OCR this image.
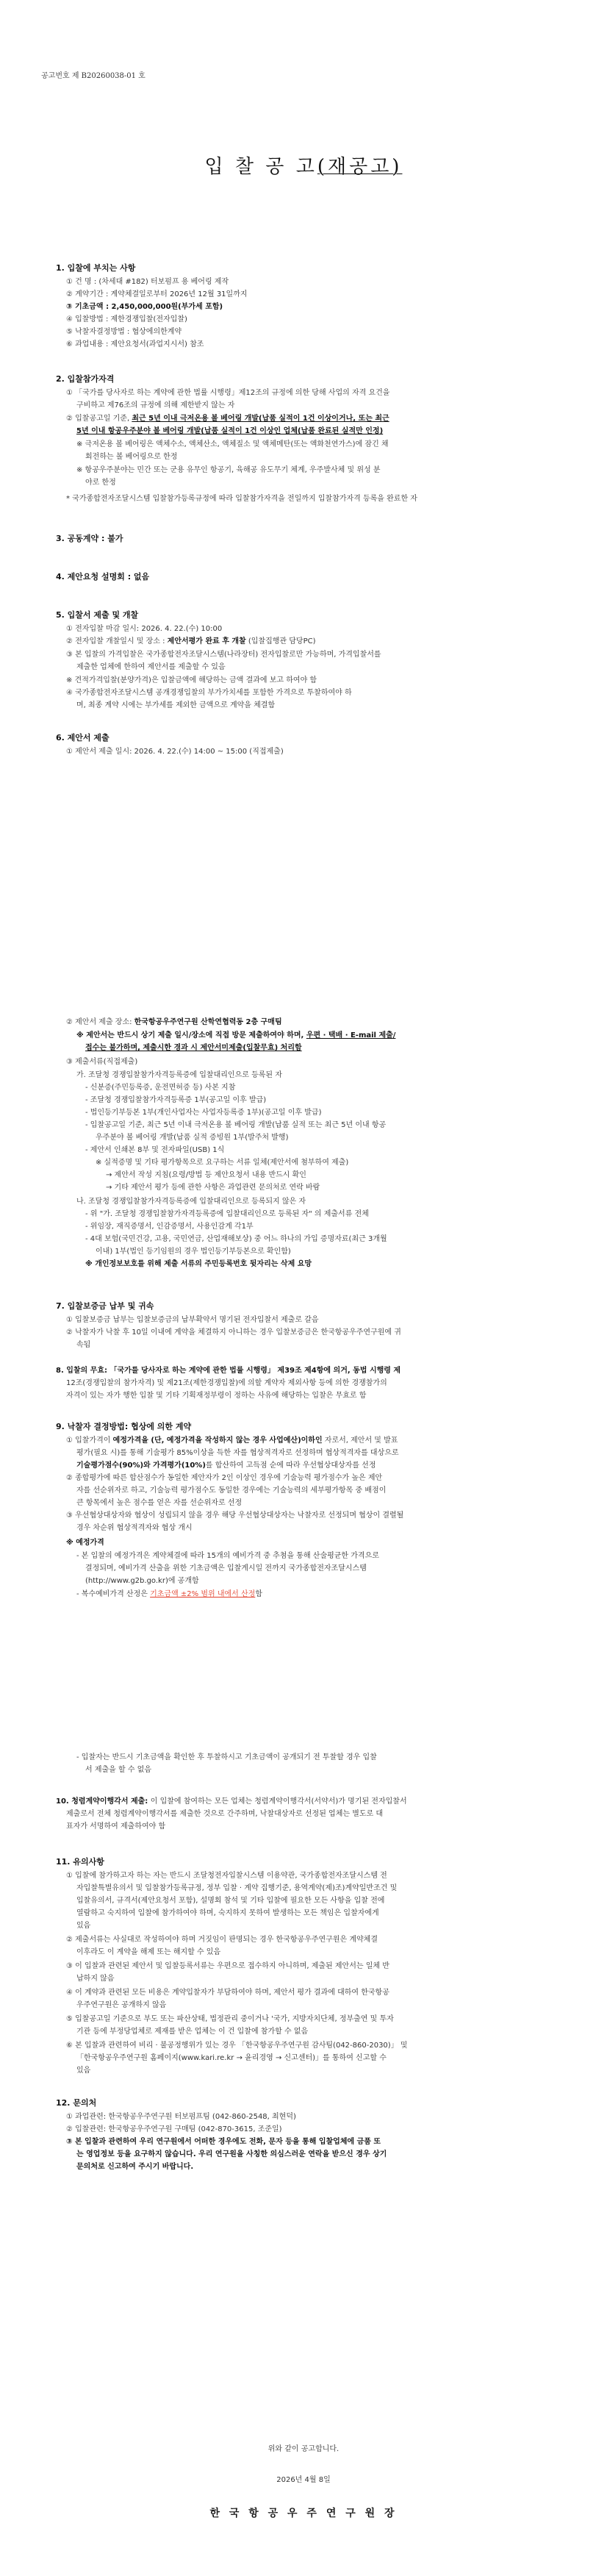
공고번호 제 B20260038-01 호
입 찰 공 고(재공고)
1. 입찰에 부치는 사항
① 건 명 : (차세대 #182) 터보펌프 용 베어링 제작
② 계약기간 : 계약체결일로부터 2026년 12월 31일까지
③ 기초금액 : 2,450,000,000원(부가세 포함)
④ 입찰방법 : 제한경쟁입찰(전자입찰)
⑤ 낙찰자결정방법 : 협상에의한계약
⑥ 과업내용 : 제안요청서(과업지시서) 참조
2. 입찰참가자격
① 「국가를 당사자로 하는 계약에 관한 법률 시행령」제12조의 규정에 의한 당해 사업의 자격 요건을
구비하고 제76조의 규정에 의해 제한받지 않는 자
② 입찰공고일 기준, 최근 5년 이내 극저온용 볼 베어링 개발(납품 실적이 1건 이상이거나, 또는 최근
5년 이내 항공우주분야 볼 베어링 개발(납품 실적이 1건 이상인 업체(납품 완료된 실적만 인정)
※ 극저온용 볼 베어링은 액체수소, 액체산소, 액체질소 및 액체메탄(또는 액화천연가스)에 잠긴 채
회전하는 볼 베어링으로 한정
※ 항공우주분야는 민간 또는 군용 유무인 항공기, 육해공 유도무기 체계, 우주발사체 및 위성 분
야로 한정
* 국가종합전자조달시스템 입찰참가등록규정에 따라 입찰참가자격을 전일까지 입찰참가자격 등록을 완료한 자
3. 공동계약 : 불가
4. 제안요청 설명회 : 없음
5. 입찰서 제출 및 개찰
① 전자입찰 마감 일시: 2026. 4. 22.(수) 10:00
② 전자입찰 개찰일시 및 장소 : 제안서평가 완료 후 개찰 (입찰집행관 담당PC)
③ 본 입찰의 가격입찰은 국가종합전자조달시스템(나라장터) 전자입찰로만 가능하며, 가격입찰서를
제출한 업체에 한하여 제안서를 제출할 수 있음
※ 견적가격입찰(분양가격)은 입찰금액에 해당하는 금액 결과에 보고 하여야 함
④ 국가종합전자조달시스템 공개경쟁입찰의 부가가치세를 포함한 가격으로 투찰하여야 하
며, 최종 계약 시에는 부가세를 제외한 금액으로 계약을 체결함
6. 제안서 제출
① 제안서 제출 일시: 2026. 4. 22.(수) 14:00 ~ 15:00 (직접제출)
② 제안서 제출 장소: 한국항공우주연구원 산학연협력동 2층 구매팀
※ 제안서는 반드시 상기 제출 일시/장소에 직접 방문 제출하여야 하며, 우편 · 택배 · E-mail 제출/
접수는 불가하며, 제출시한 경과 시 제안서미제출(입찰무효) 처리함
③ 제출서류(직접제출)
가. 조달청 경쟁입찰참가자격등록증에 입찰대리인으로 등록된 자
- 신분증(주민등록증, 운전면허증 등) 사본 지참
- 조달청 경쟁입찰참가자격등록증 1부(공고일 이후 발급)
- 법인등기부등본 1부(개인사업자는 사업자등록증 1부)(공고일 이후 발급)
- 입찰공고일 기준, 최근 5년 이내 극저온용 볼 베어링 개발(납품 실적 또는 최근 5년 이내 항공
우주분야 볼 베어링 개발(납품 실적 증빙원 1부(발주처 발행)
- 제안서 인쇄본 8부 및 전자파일(USB) 1식
※ 실적증명 및 기타 평가항목으로 요구하는 서류 일체(제안서에 첨부하여 제출)
→ 제안서 작성 지침(요령/방법 등 제안요청서 내용 반드시 확인
→ 기타 제안서 평가 등에 관한 사항은 과업관련 문의처로 연락 바람
나. 조달청 경쟁입찰참가자격등록증에 입찰대리인으로 등록되지 않은 자
- 위 "가. 조달청 경쟁입찰참가자격등록증에 입찰대리인으로 등록된 자" 의 제출서류 전체
- 위임장, 재직증명서, 인감증명서, 사용인감계 각1부
- 4대 보험(국민건강, 고용, 국민연금, 산업재해보상) 중 어느 하나의 가입 증명자료(최근 3개월
이내) 1부(법인 등기임원의 경우 법인등기부등본으로 확인함)
※ 개인정보보호를 위해 제출 서류의 주민등록번호 뒷자리는 삭제 요망
7. 입찰보증금 납부 및 귀속
① 입찰보증금 납부는 입찰보증금의 납부확약서 명기된 전자입찰서 제출로 갈음
② 낙찰자가 낙찰 후 10일 이내에 계약을 체결하지 아니하는 경우 입찰보증금은 한국항공우주연구원에 귀
속됨
8. 입찰의 무효: 「국가를 당사자로 하는 계약에 관한 법률 시행령」 제39조 제4항에 의거, 동법 시행령 제
12조(경쟁입찰의 참가자격) 및 제21조(제한경쟁입찰)에 의할 계약자 제외사항 등에 의한 경쟁참가의
자격이 있는 자가 행한 입찰 및 기타 기획재정부령이 정하는 사유에 해당하는 입찰은 무효로 함
9. 낙찰자 결정방법: 협상에 의한 계약
① 입찰가격이 예정가격을 (단, 예정가격을 작성하지 않는 경우 사업예산)이하인 자로서, 제안서 및 발표
평가(필요 시)를 통해 기술평가 85%이상을 득한 자를 협상적격자로 선정하며 협상적격자를 대상으로
기술평가점수(90%)와 가격평가(10%)를 합산하여 고득점 순에 따라 우선협상대상자를 선정
② 종합평가에 따른 합산점수가 동일한 제안자가 2인 이상인 경우에 기술능력 평가점수가 높은 제안
자를 선순위자로 하고, 기술능력 평가점수도 동일한 경우에는 기술능력의 세부평가항목 중 배점이
큰 항목에서 높은 점수를 얻은 자를 선순위자로 선정
③ 우선협상대상자와 협상이 성립되지 않을 경우 해당 우선협상대상자는 낙찰자로 선정되며 협상이 결렬될
경우 차순위 협상적격자와 협상 개시
※ 예정가격
- 본 입찰의 예정가격은 계약체결에 따라 15개의 예비가격 중 추첨을 통해 산술평균한 가격으로
결정되며, 예비가격 산출을 위한 기초금액은 입찰게시일 전까지 국가종합전자조달시스템
(http://www.g2b.go.kr)에 공개함
- 복수예비가격 산정은 기초금액 ±2% 범위 내에서 산정함
- 입찰자는 반드시 기초금액을 확인한 후 투찰하시고 기초금액이 공개되기 전 투찰할 경우 입찰
서 제출을 할 수 없음
10. 청렴계약이행각서 제출: 이 입찰에 참여하는 모든 업체는 청렴계약이행각서(서약서)가 명기된 전자입찰서
제출로서 전체 청렴계약이행각서를 제출한 것으로 간주하며, 낙찰대상자로 선정된 업체는 별도로 대
표자가 서명하여 제출하여야 함
11. 유의사항
① 입찰에 참가하고자 하는 자는 반드시 조달청전자입찰시스템 이용약관, 국가종합전자조달시스템 전
자입찰특별유의서 및 입찰참가등록규정, 정부 입찰 · 계약 집행기준, 용역계약(제)조)계약일반조건 및
입찰유의서, 규격서(제안요청서 포함), 설명회 참석 및 기타 입찰에 필요한 모든 사항을 입찰 전에
열람하고 숙지하여 입찰에 참가하여야 하며, 숙지하지 못하여 발생하는 모든 책임은 입찰자에게
있음
② 제출서류는 사실대로 작성하여야 하며 거짓임이 판명되는 경우 한국항공우주연구원은 계약체결
이후라도 이 계약을 해제 또는 해지할 수 있음
③ 이 입찰과 관련된 제안서 및 입찰등록서류는 우편으로 접수하지 아니하며, 제출된 제안서는 일체 반
납하지 않음
④ 이 계약과 관련된 모든 비용은 계약입찰자가 부담하여야 하며, 제안서 평가 결과에 대하여 한국항공
우주연구원은 공개하지 않음
⑤ 입찰공고일 기준으로 부도 또는 파산상태, 법정관리 중이거나 '국가, 지방자치단체, 정부출연 및 투자
기관 등에 부정당업체로 제재를 받은 업체는 이 건 입찰에 참가할 수 없음
⑥ 본 입찰과 관련하여 비리 · 불공정행위가 있는 경우 「한국항공우주연구원 감사팀(042-860-2030)」 및
「한국항공우주연구원 홈페이지(www.kari.re.kr → 윤리경영 → 신고센터)」를 통하여 신고할 수
있음
12. 문의처
① 과업관련: 한국항공우주연구원 터보펌프팀 (042-860-2548, 최현덕)
② 입찰관련: 한국항공우주연구원 구매팀 (042-870-3615, 조준일)
③ 본 입찰과 관련하여 우리 연구원에서 어떠한 경우에도 전화, 문자 등을 통해 입찰업체에 금품 또
는 영업정보 등을 요구하지 않습니다. 우리 연구원을 사칭한 의심스러운 연락을 받으신 경우 상기
문의처로 신고하여 주시기 바랍니다.
위와 같이 공고합니다.
2026년 4월 8일
한 국 항 공 우 주 연 구 원 장
